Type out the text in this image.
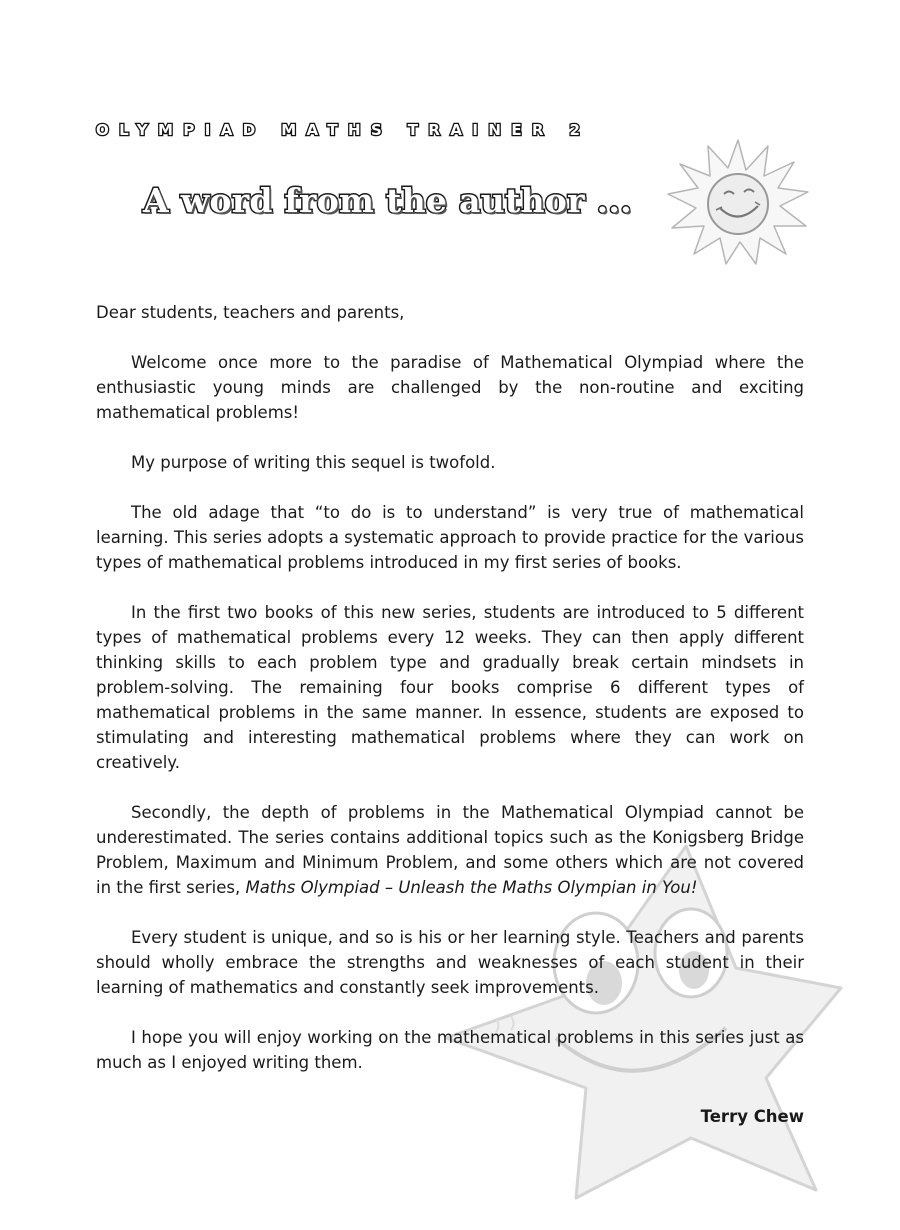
OLYMPIAD MATHS TRAINER 2
A word from the author ...

Dear students, teachers and parents,

Welcome once more to the paradise of Mathematical Olympiad where the enthusiastic young minds are challenged by the non-routine and exciting mathematical problems!

My purpose of writing this sequel is twofold.

The old adage that “to do is to understand” is very true of mathematical learning. This series adopts a systematic approach to provide practice for the various types of mathematical problems introduced in my first series of books.

In the first two books of this new series, students are introduced to 5 different types of mathematical problems every 12 weeks. They can then apply different thinking skills to each problem type and gradually break certain mindsets in problem-solving. The remaining four books comprise 6 different types of mathematical problems in the same manner. In essence, students are exposed to stimulating and interesting mathematical problems where they can work on creatively.

Secondly, the depth of problems in the Mathematical Olympiad cannot be underestimated. The series contains additional topics such as the Konigsberg Bridge Problem, Maximum and Minimum Problem, and some others which are not covered in the first series, Maths Olympiad – Unleash the Maths Olympian in You!

Every student is unique, and so is his or her learning style. Teachers and parents should wholly embrace the strengths and weaknesses of each student in their learning of mathematics and constantly seek improvements.

I hope you will enjoy working on the mathematical problems in this series just as much as I enjoyed writing them.

Terry Chew
